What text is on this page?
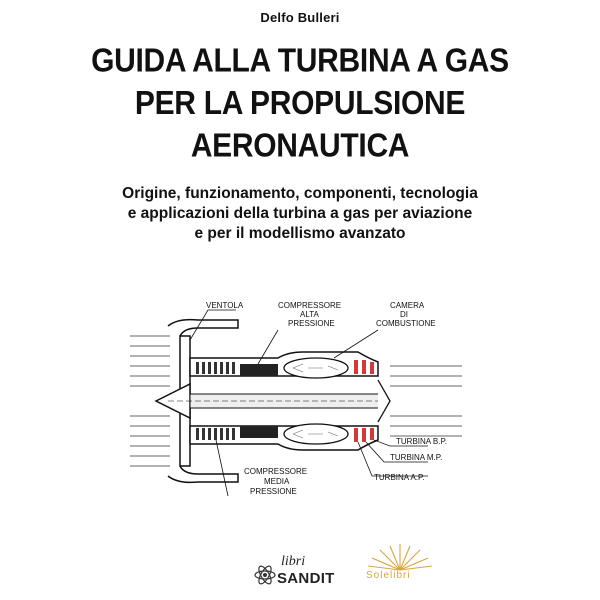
Delfo Bulleri
GUIDA ALLA TURBINA A GAS
PER LA PROPULSIONE
AERONAUTICA
Origine, funzionamento, componenti, tecnologia
e applicazioni della turbina a gas per aviazione
e per il modellismo avanzato
VENTOLA	COMPRESSORE
ALTA
PRESSIONE
CAMERA
DI
COMBUSTIONE
TURBINA B.P.
TURBINA M.P.
TURBINA A.P.
COMPRESSORE
MEDIA
PRESSIONE
libri
SANDIT	Solelibri
